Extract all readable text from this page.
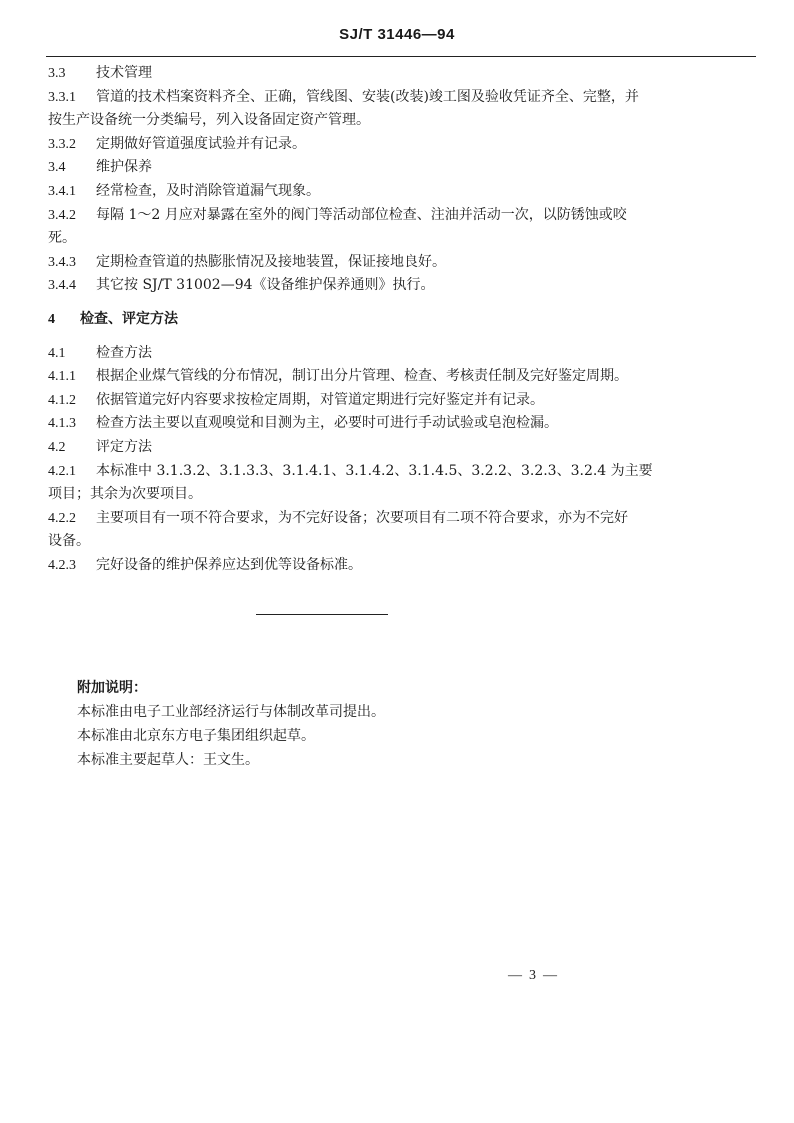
SJ/T 31446—94
3.3 技术管理
3.3.1 管道的技术档案资料齐全、正确，管线图、安装(改装)竣工图及验收凭证齐全、完整，并
按生产设备统一分类编号，列入设备固定资产管理。
3.3.2 定期做好管道强度试验并有记录。
3.4 维护保养
3.4.1 经常检查，及时消除管道漏气现象。
3.4.2 每隔 1～2 月应对暴露在室外的阀门等活动部位检查、注油并活动一次，以防锈蚀或咬
死。
3.4.3 定期检查管道的热膨胀情况及接地装置，保证接地良好。
3.4.4 其它按 SJ/T 31002—94《设备维护保养通则》执行。
4 检查、评定方法
4.1 检查方法
4.1.1 根据企业煤气管线的分布情况，制订出分片管理、检查、考核责任制及完好鉴定周期。
4.1.2 依据管道完好内容要求按检定周期，对管道定期进行完好鉴定并有记录。
4.1.3 检查方法主要以直观嗅觉和目测为主，必要时可进行手动试验或皂泡检漏。
4.2 评定方法
4.2.1 本标准中 3.1.3.2、3.1.3.3、3.1.4.1、3.1.4.2、3.1.4.5、3.2.2、3.2.3、3.2.4 为主要
项目；其余为次要项目。
4.2.2 主要项目有一项不符合要求，为不完好设备；次要项目有二项不符合要求，亦为不完好
设备。
4.2.3 完好设备的维护保养应达到优等设备标准。
附加说明：
本标准由电子工业部经济运行与体制改革司提出。
本标准由北京东方电子集团组织起草。
本标准主要起草人：王文生。
—  3  —
